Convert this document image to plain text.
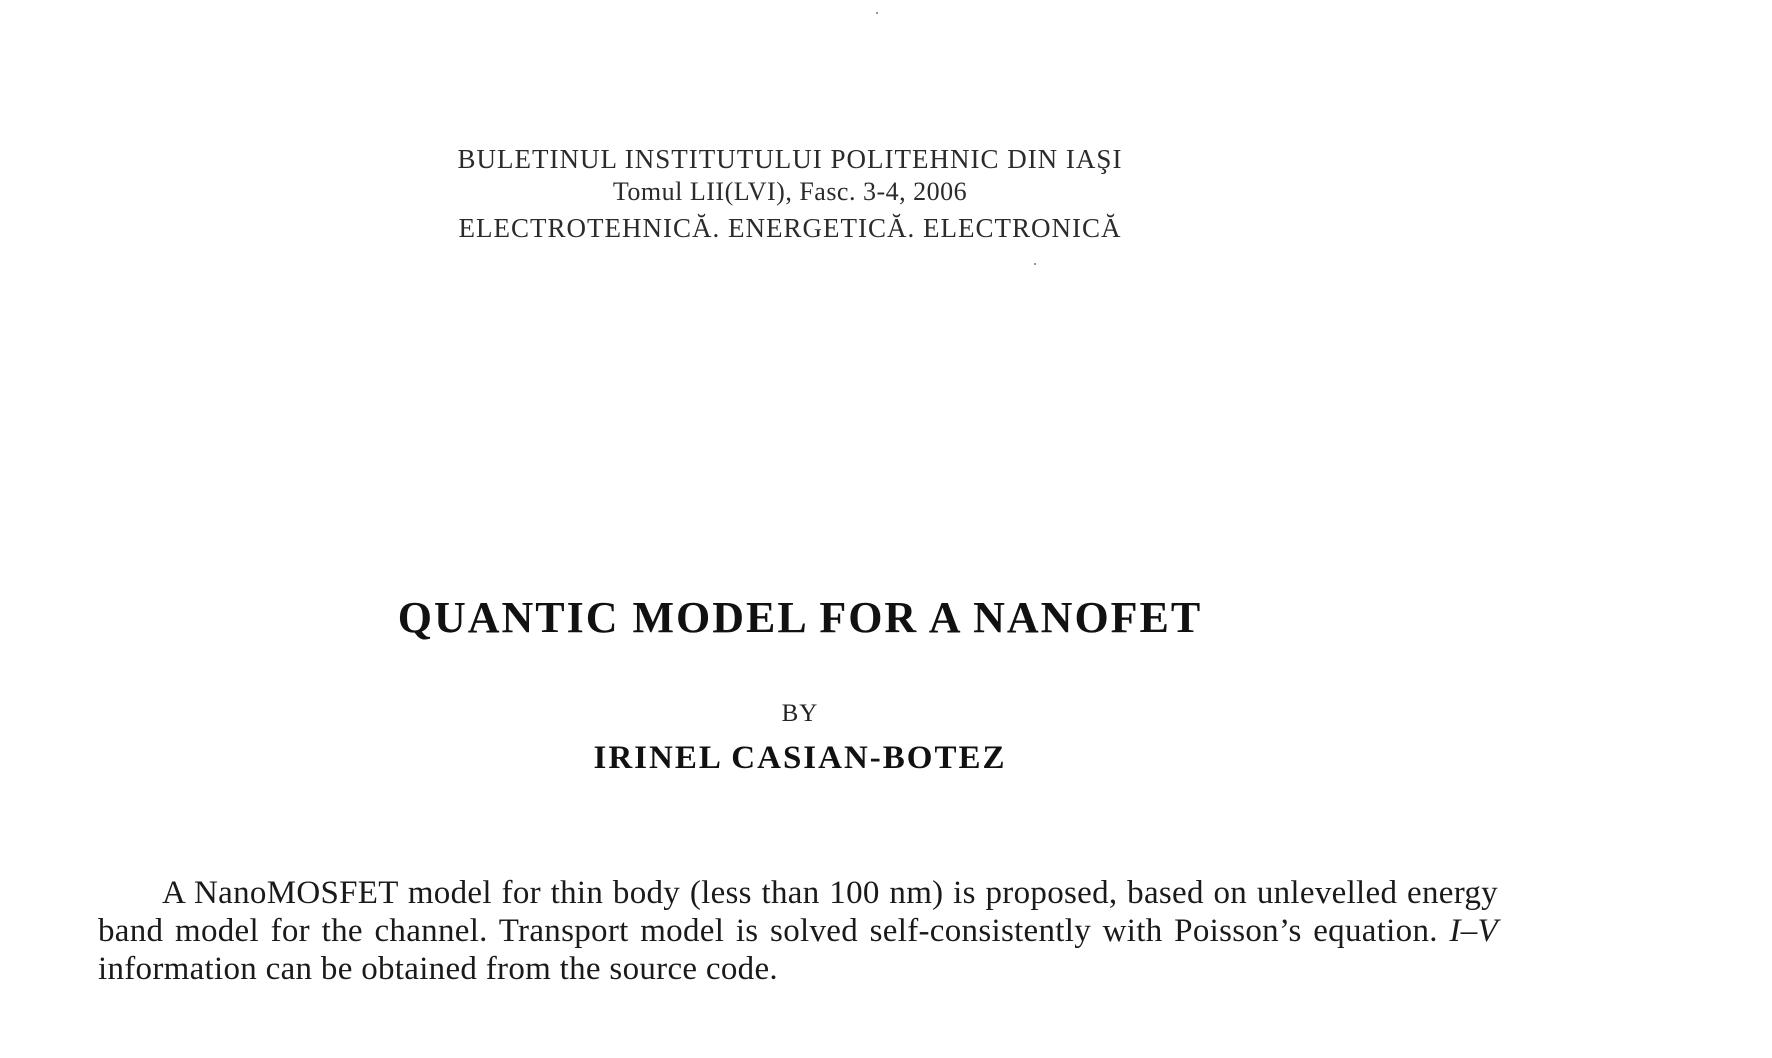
BULETINUL INSTITUTULUI POLITEHNIC DIN IAŞI
Tomul LII(LVI), Fasc. 3-4, 2006
ELECTROTEHNICĂ. ENERGETICĂ. ELECTRONICĂ
QUANTIC MODEL FOR A NANOFET
BY
IRINEL CASIAN-BOTEZ
A NanoMOSFET model for thin body (less than 100 nm) is proposed, based on unlevelled energy band model for the channel. Transport model is solved self-consistently with Poisson’s equation. I–V information can be obtained from the source code.
